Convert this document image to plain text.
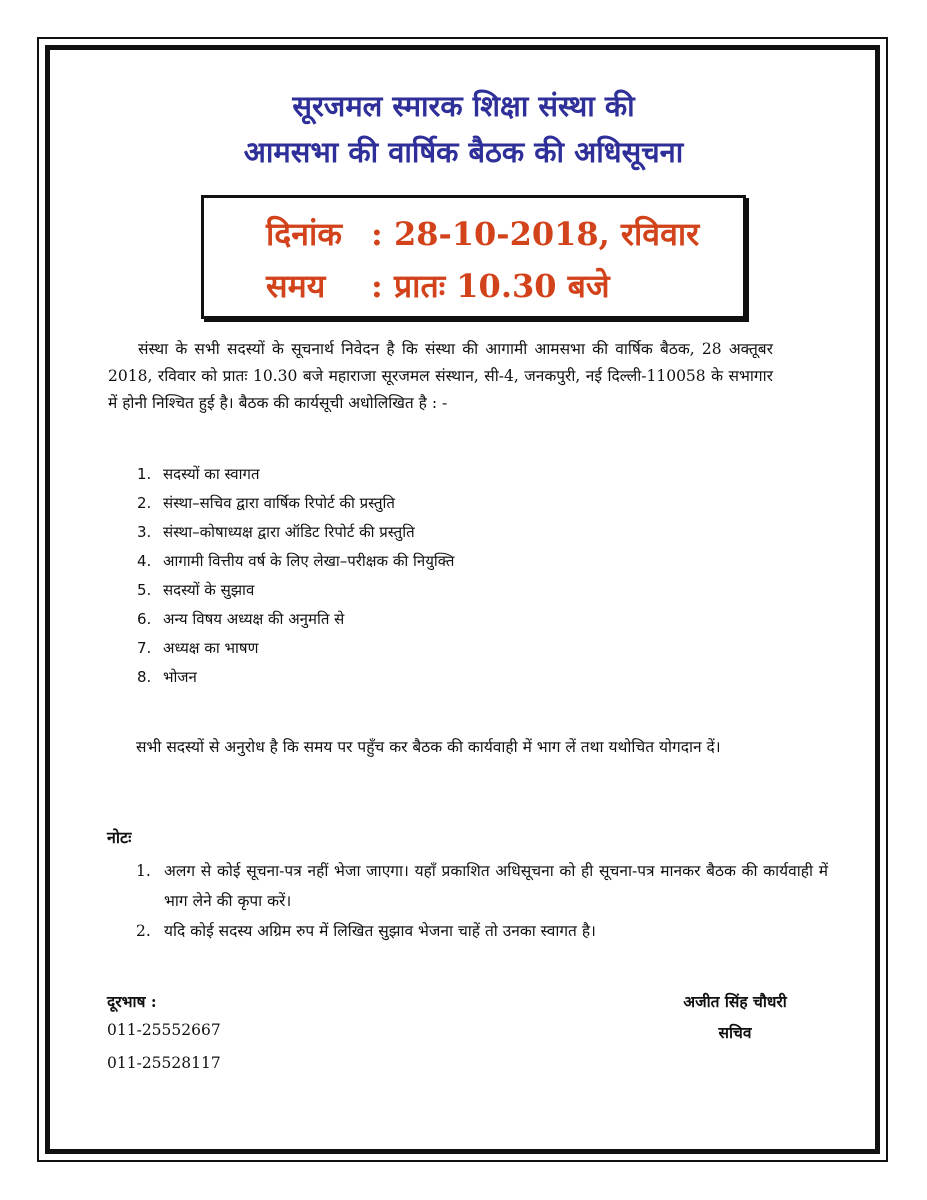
सूरजमल स्मारक शिक्षा संस्था की
आमसभा की वार्षिक बैठक की अधिसूचना
दिनांक : 28-10-2018, रविवार
समय : प्रातः 10.30 बजे
संस्था के सभी सदस्यों के सूचनार्थ निवेदन है कि संस्था की आगामी आमसभा की वार्षिक बैठक, 28 अक्तूबर 2018, रविवार को प्रातः 10.30 बजे महाराजा सूरजमल संस्थान, सी-4, जनकपुरी, नई दिल्ली-110058 के सभागार में होनी निश्चित हुई है। बैठक की कार्यसूची अधोलिखित है : -
1. सदस्यों का स्वागत
2. संस्था–सचिव द्वारा वार्षिक रिपोर्ट की प्रस्तुति
3. संस्था–कोषाध्यक्ष द्वारा ऑडिट रिपोर्ट की प्रस्तुति
4. आगामी वित्तीय वर्ष के लिए लेखा–परीक्षक की नियुक्ति
5. सदस्यों के सुझाव
6. अन्य विषय अध्यक्ष की अनुमति से
7. अध्यक्ष का भाषण
8. भोजन
सभी सदस्यों से अनुरोध है कि समय पर पहुँच कर बैठक की कार्यवाही में भाग लें तथा यथोचित योगदान दें।
नोटः
1. अलग से कोई सूचना-पत्र नहीं भेजा जाएगा। यहाँ प्रकाशित अधिसूचना को ही सूचना-पत्र मानकर बैठक की कार्यवाही में भाग लेने की कृपा करें।
2. यदि कोई सदस्य अग्रिम रुप में लिखित सुझाव भेजना चाहें तो उनका स्वागत है।
दूरभाष :
011-25552667
011-25528117
अजीत सिंह चौधरी
सचिव
